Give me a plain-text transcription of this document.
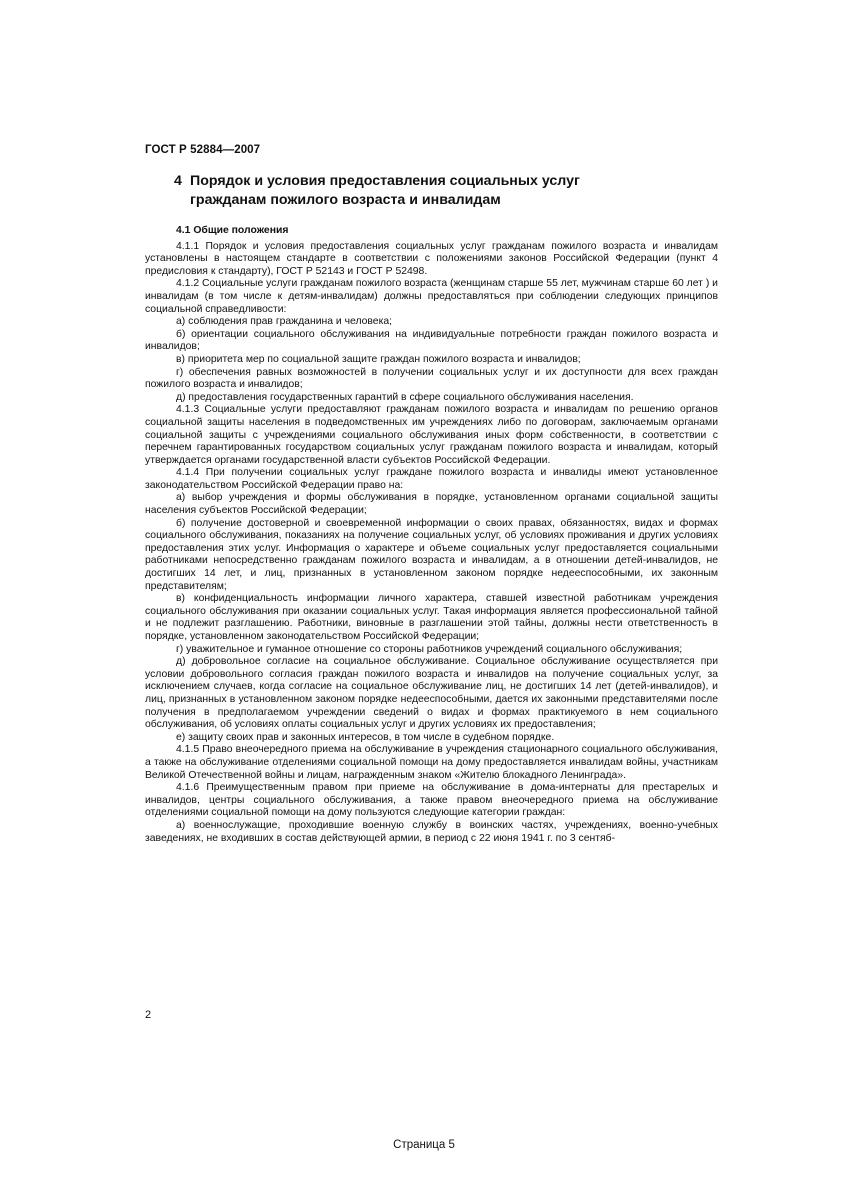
ГОСТ Р 52884—2007
4 Порядок и условия предоставления социальных услуг
гражданам пожилого возраста и инвалидам
4.1 Общие положения

4.1.1 Порядок и условия предоставления социальных услуг гражданам пожилого возраста и инвалидам установлены в настоящем стандарте в соответствии с положениями законов Российской Федерации (пункт 4 предисловия к стандарту), ГОСТ Р 52143 и ГОСТ Р 52498.

4.1.2 Социальные услуги гражданам пожилого возраста (женщинам старше 55 лет, мужчинам старше 60 лет ) и инвалидам (в том числе к детям-инвалидам) должны предоставляться при соблюдении следующих принципов социальной справедливости:

а) соблюдения прав гражданина и человека;

б) ориентации социального обслуживания на индивидуальные потребности граждан пожилого возраста и инвалидов;

в) приоритета мер по социальной защите граждан пожилого возраста и инвалидов;

г) обеспечения равных возможностей в получении социальных услуг и их доступности для всех граждан пожилого возраста и инвалидов;

д) предоставления государственных гарантий в сфере социального обслуживания населения.

4.1.3 Социальные услуги предоставляют гражданам пожилого возраста и инвалидам по решению органов социальной защиты населения в подведомственных им учреждениях либо по договорам, заключаемым органами социальной защиты с учреждениями социального обслуживания иных форм собственности, в соответствии с перечнем гарантированных государством социальных услуг гражданам пожилого возраста и инвалидам, который утверждается органами государственной власти субъектов Российской Федерации.

4.1.4 При получении социальных услуг граждане пожилого возраста и инвалиды имеют установленное законодательством Российской Федерации право на:

а) выбор учреждения и формы обслуживания в порядке, установленном органами социальной защиты населения субъектов Российской Федерации;

б) получение достоверной и своевременной информации о своих правах, обязанностях, видах и формах социального обслуживания, показаниях на получение социальных услуг, об условиях проживания и других условиях предоставления этих услуг. Информация о характере и объеме социальных услуг предоставляется социальными работниками непосредственно гражданам пожилого возраста и инвалидам, а в отношении детей-инвалидов, не достигших 14 лет, и лиц, признанных в установленном законом порядке недееспособными, их законным представителям;

в) конфиденциальность информации личного характера, ставшей известной работникам учреждения социального обслуживания при оказании социальных услуг. Такая информация является профессиональной тайной и не подлежит разглашению. Работники, виновные в разглашении этой тайны, должны нести ответственность в порядке, установленном законодательством Российской Федерации;

г) уважительное и гуманное отношение со стороны работников учреждений социального обслуживания;

д) добровольное согласие на социальное обслуживание. Социальное обслуживание осуществляется при условии добровольного согласия граждан пожилого возраста и инвалидов на получение социальных услуг, за исключением случаев, когда согласие на социальное обслуживание лиц, не достигших 14 лет (детей-инвалидов), и лиц, признанных в установленном законом порядке недееспособными, дается их законными представителями после получения в предполагаемом учреждении сведений о видах и формах практикуемого в нем социального обслуживания, об условиях оплаты социальных услуг и других условиях их предоставления;

е) защиту своих прав и законных интересов, в том числе в судебном порядке.

4.1.5 Право внеочередного приема на обслуживание в учреждения стационарного социального обслуживания, а также на обслуживание отделениями социальной помощи на дому предоставляется инвалидам войны, участникам Великой Отечественной войны и лицам, награжденным знаком «Жителю блокадного Ленинграда».

4.1.6 Преимущественным правом при приеме на обслуживание в дома-интернаты для престарелых и инвалидов, центры социального обслуживания, а также правом внеочередного приема на обслуживание отделениями социальной помощи на дому пользуются следующие категории граждан:

а) военнослужащие, проходившие военную службу в воинских частях, учреждениях, военно-учебных заведениях, не входивших в состав действующей армии, в период с 22 июня 1941 г. по 3 сентяб-

2
Страница 5
